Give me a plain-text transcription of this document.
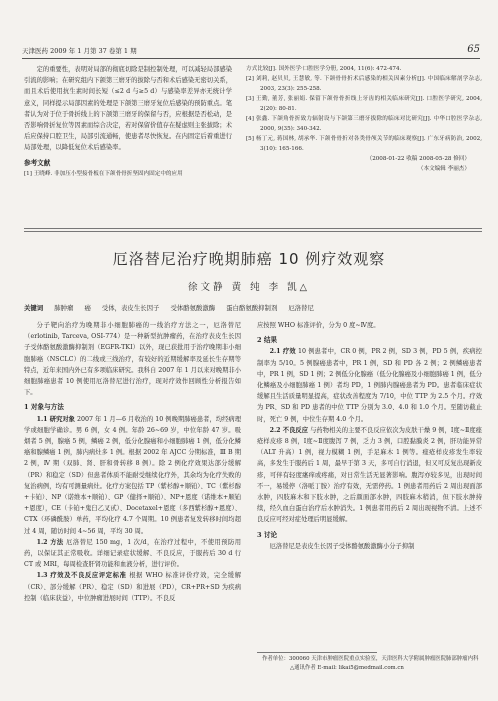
天津医药 2009 年 1 月第 37 卷第 1 期	65

定的重要性，表明对局部的彻底切除是制控制处理，可以减轻局部感染引流的影响；在研究组内下颌第三磨牙的拔除与否和术后感染无密切关系，而且术后使用抗生素时间长短（≤2 d 与≥5 d）与感染率差异亦无统计学意义，同样提示局部因素的处理是下颌第三磨牙复位后感染的预防重点。笔者认为对于位于骨折线上的下颌第三磨牙的保留与否，应根据是否松动，是否影响骨折复位等因素而综合决定，若对保留价值存在疑虑则主张拔除；术后应保持口腔卫生，局部引流通畅，使患者尽快恢复。在内固定后着重进行局部处理，以降低复位术后感染率。

参考文献

[1] 王晓峰. 非加压小型接骨板在下颌骨骨折坚固内固定中的应用

方式比较[J]. 国外医学·口腔医学分册, 2004, 11(6): 472-474.

[2] 刘莉, 赵贝贝, 王慧敏, 等. 下颌骨骨折术后感染的相关因素分析[J]. 中国临床解剖学杂志, 2003, 23(3): 255-258.

[3] 王勤, 董芳, 张丽娟. 保留下颌骨骨折线上牙齿的相关临床研究[J]. 口腔医学研究, 2004, 2(20): 80-81.

[4] 张鑫. 下颌角骨折致力辐射设与下颌第三磨牙拔除的临床对比研究[J]. 中华口腔医学杂志, 2000, 9(35): 340-342.

[5] 杨丁元, 蒋国林, 胡承华. 下颌骨骨折对各类骨颅关节的临床观察[J]. 广东牙病防治, 2002, 3(10): 165-166.

（2008-01-22 收稿 2008-05-28 修回）

（本文编辑 李丽杰）

厄洛替尼治疗晚期肺癌 10 例疗效观察
徐文静 黄 纯 李 凯△
关键词 肺肿瘤 癌 受体，表皮生长因子 受体酪氨酸激酶 蛋白酪氨酸抑制剂 厄洛替尼

分子靶向治疗为晚期非小细胞肺癌的一线治疗方法之一，厄洛替尼（erlotinib, Tarceva, OSI-774）是一种新型抗肿瘤药，在治疗表皮生长因子受体酪氨酸激酶抑制剂（EGFR-TKI）以外，现已获批用于治疗晚期非小细胞肺癌（NSCLC）的二线或三线治疗，有较好的近期缓解率及延长生存期等特点，近年来国内外已有多项临床研究。我科自 2007 年 1 月以来对晚期非小细胞肺癌患者 10 例使用厄洛替尼进行治疗，现对疗效作回顾性分析报告如下。

1 对象与方法

1.1 研究对象 2007 年 1 月—6 月收治的 10 例晚期肺癌患者，均经病理学或细胞学确诊。男 6 例，女 4 例。年龄 26~69 岁，中位年龄 47 岁。吸烟者 5 例，腺癌 5 例，鳞癌 2 例，低分化腺癌和小细胞肺癌 1 例，低分化鳞癌和腺鳞癌 1 例，肺内病灶多 1 例。根据 2002 年 AJCC 分期标准，Ⅲ B 期 2 例，Ⅳ 期（双肺、肾、肝和骨转移 8 例）。除 2 例化疗效果达部分缓解（PR）和稳定（SD）但患者体质不能耐受继续化疗外，其余均为化疗失败的复治病例，均有可测量病灶。化疗方案包括 TP（紫杉醇+顺铂）、TC（紫杉醇+卡铂）、NP（诺维本+顺铂）、GP（健择+顺铂）、NP+恩度（诺维本+顺铂+恩度），CE（卡铂+鬼臼乙叉甙）、Docetaxel+恩度（多西紫杉醇+恩度）、CTX（环磷酰胺）单药，平均化疗 4.7 个周期。10 例患者复发转移时间均超过 4 周，随访时间 4~56 周，平均 30 周。

1.2 方法 厄洛替尼 150 mg，1 次/d，在治疗过程中，不使用预防用药，以保证其正常吸收。详细记录症状缓解、不良反应，于服药后 30 d 行 CT 或 MRI，每周检查肝肾功能和血液分析，进行评价。

1.3 疗效及不良反应评定标准 根据 WHO 标准评价疗效，完全缓解（CR）、部分缓解（PR）、稳定（SD）和进展（PD），CR+PR+SD 为疾病控制（临床获益），中位肿瘤进展时间（TTP）。不良反

应按照 WHO 标准评价，分为 0 度~Ⅳ度。

2 结果

2.1 疗效 10 例患者中，CR 0 例，PR 2 例，SD 3 例，PD 5 例，疾病控制率为 5/10。5 例腺癌患者中，PR 1 例，SD 和 PD 各 2 例；2 例鳞癌患者中，PR 1 例，SD 1 例；2 例低分化腺癌（低分化腺癌及小细胞肺癌 1 例，低分化鳞癌及小细胞肺癌 1 例）者均 PD，1 例肺内腺癌患者为 PD。患者临床症状缓解且生活质量明显提高，症状改善程度为 7/10，中位 TTP 为 2.5 个月。疗效为 PR、SD 和 PD 患者的中位 TTP 分别为 3.0、4.0 和 1.0 个月。至随访截止时，死亡 9 例，中位生存期 4.0 个月。

2.2 不良反应 与药物相关的主要不良反应依次为皮肤干燥 9 例，Ⅰ度~Ⅱ度痤疮样皮疹 8 例，Ⅰ度~Ⅱ度腹泻 7 例，乏力 3 例，口腔黏膜炎 2 例，肝功能异常（ALT 升高）1 例，视力模糊 1 例，手足麻木 1 例等。痤疮样皮疹发生率较高，多发生于服药后 1 周，最早于第 3 天，多可自行消退，但又可反复出现新皮疹，可伴有轻度瘙痒或疼痛，对日常生活无显著影响。腹泻亦较多见，出现时间不一，易缓停（洛哌丁胺）治疗有效，无需停药。1 例患者用药后 2 周出现面部水肿，四肢麻木和下肢水肿，之后颜面部水肿，四肢麻木稍消，但下肢水肿持续，经久血白蛋白治疗后水肿消失。1 例患者用药后 2 周出现视物不清。上述不良反应可经对症处理后明显缓解。

3 讨论

厄洛替尼是表皮生长因子受体酪氨酸激酶小分子抑制

作者单位：300060 天津市肿瘤医院重点实验室，天津医科大学附属肿瘤医院肺部肿瘤内科

△通讯作者 E-mail: likai5@medmail.com.cn
